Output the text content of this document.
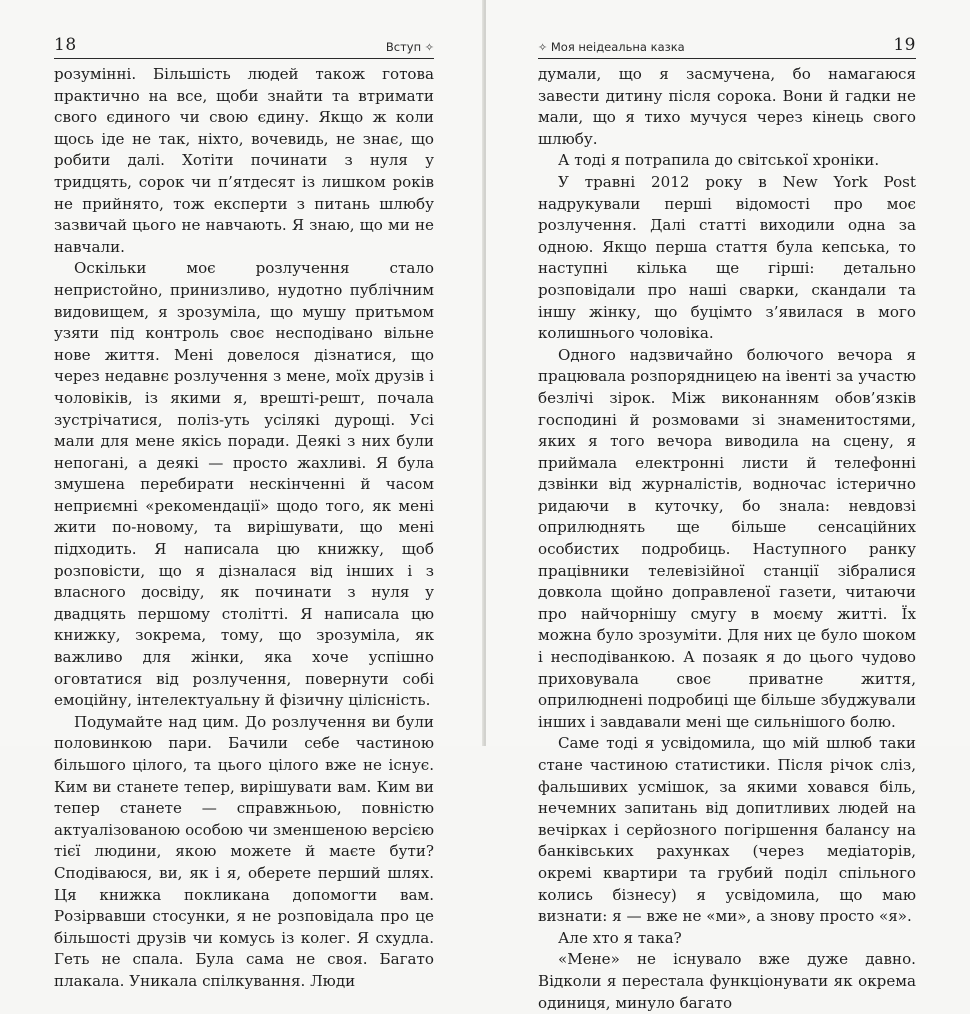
18	Вступ ✧

розумінні. Більшість людей також готова практично на все, щоби знайти та втримати свого єдиного чи свою єдину. Якщо ж коли щось іде не так, ніхто, вочевидь, не знає, що робити далі. Хотіти починати з нуля у тридцять, сорок чи п’ятдесят із лишком років не прийнято, тож експерти з питань шлюбу зазвичай цього не навчають. Я знаю, що ми не навчали.

Оскільки моє розлучення стало непристойно, принизливо, нудотно публічним видовищем, я зрозуміла, що мушу притьмом узяти під контроль своє несподівано вільне нове життя. Мені довелося дізнатися, що через недавнє розлучення з мене, моїх друзів і чоловіків, із якими я, врешті-решт, почала зустрічатися, поліз-уть усілякі дурощі. Усі мали для мене якісь поради. Деякі з них були непогані, а деякі — просто жахливі. Я була змушена перебирати нескінченні й часом неприємні «рекомендації» щодо того, як мені жити по-новому, та вирішувати, що мені підходить. Я написала цю книжку, щоб розповісти, що я дізналася від інших і з власного досвіду, як починати з нуля у двадцять першому столітті. Я написала цю книжку, зокрема, тому, що зрозуміла, як важливо для жінки, яка хоче успішно оговтатися від розлучення, повернути собі емоційну, інтелектуальну й фізичну цілісність.

Подумайте над цим. До розлучення ви були половинкою пари. Бачили себе частиною більшого цілого, та цього цілого вже не існує. Ким ви станете тепер, вирішувати вам. Ким ви тепер станете — справжньою, повністю актуалізованою особою чи зменшеною версією тієї людини, якою можете й маєте бути? Сподіваюся, ви, як і я, оберете перший шлях. Ця книжка покликана допомогти вам. Розірвавши стосунки, я не розповідала про це більшості друзів чи комусь із колег. Я схудла. Геть не спала. Була сама не своя. Багато плакала. Уникала спілкування. Люди

✧ Моя неідеальна казка	19

думали, що я засмучена, бо намагаюся завести дитину після сорока. Вони й гадки не мали, що я тихо мучуся через кінець свого шлюбу.

А тоді я потрапила до світської хроніки.

У травні 2012 року в New York Post надрукували перші відомості про моє розлучення. Далі статті виходили одна за одною. Якщо перша стаття була кепська, то наступні кілька ще гірші: детально розповідали про наші сварки, скандали та іншу жінку, що буцімто з’явилася в мого колишнього чоловіка.

Одного надзвичайно болючого вечора я працювала розпорядницею на івенті за участю безлічі зірок. Між виконанням обов’язків господині й розмовами зі знаменитостями, яких я того вечора виводила на сцену, я приймала електронні листи й телефонні дзвінки від журналістів, водночас істерично ридаючи в куточку, бо знала: невдовзі оприлюднять ще більше сенсаційних особистих подробиць. Наступного ранку працівники телевізійної станції зібралися довкола щойно доправленої газети, читаючи про найчорнішу смугу в моєму житті. Їх можна було зрозуміти. Для них це було шоком і несподіванкою. А позаяк я до цього чудово приховувала своє приватне життя, оприлюднені подробиці ще більше збуджували інших і завдавали мені ще сильнішого болю.

Саме тоді я усвідомила, що мій шлюб таки стане частиною статистики. Після річок сліз, фальшивих усмішок, за якими ховався біль, нечемних запитань від допитливих людей на вечірках і серйозного погіршення балансу на банківських рахунках (через медіаторів, окремі квартири та грубий поділ спільного колись бізнесу) я усвідомила, що маю визнати: я — вже не «ми», а знову просто «я».

Але хто я така?

«Мене» не існувало вже дуже давно. Відколи я перестала функціонувати як окрема одиниця, минуло багато
